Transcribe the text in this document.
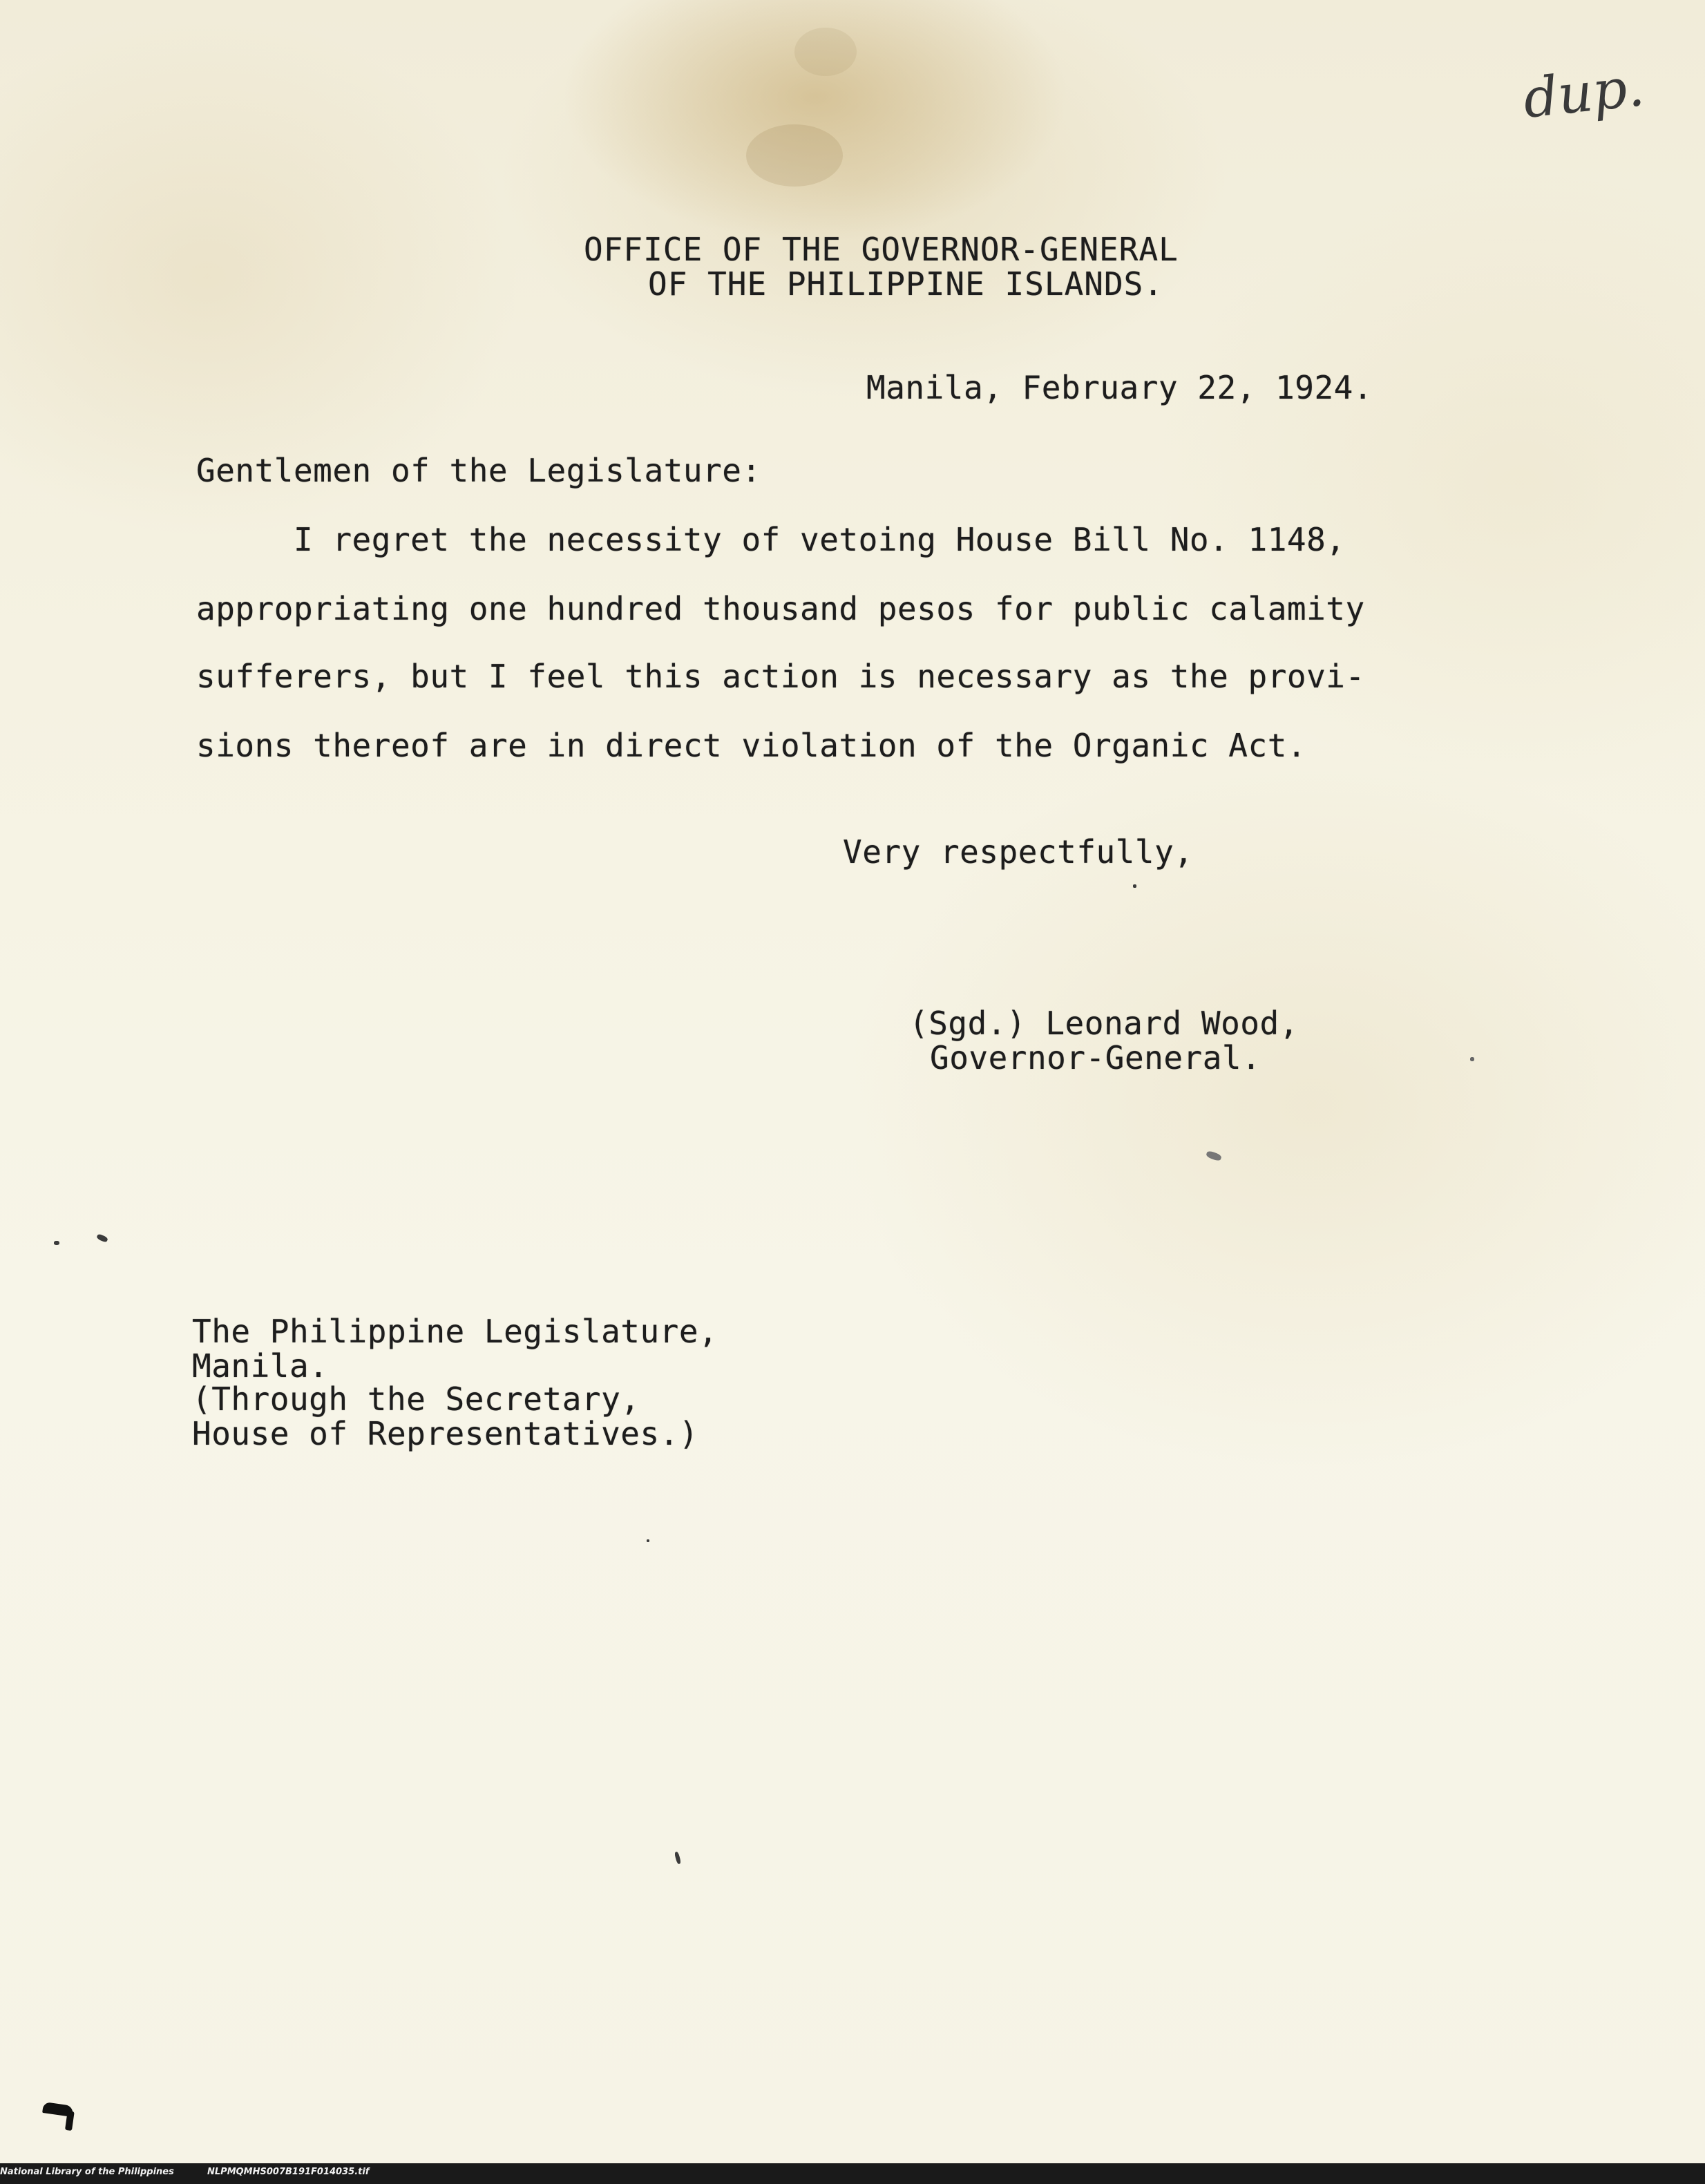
dup.
OFFICE OF THE GOVERNOR-GENERAL
OF THE PHILIPPINE ISLANDS.
Manila, February 22, 1924.
Gentlemen of the Legislature:
I regret the necessity of vetoing House Bill No. 1148,
appropriating one hundred thousand pesos for public calamity
sufferers, but I feel this action is necessary as the provi-
sions thereof are in direct violation of the Organic Act.
Very respectfully,
(Sgd.) Leonard Wood,
Governor-General.
The Philippine Legislature,
Manila.
(Through the Secretary,
House of Representatives.)
National Library of the Philippines	NLPMQMHS007B191F014035.tif
